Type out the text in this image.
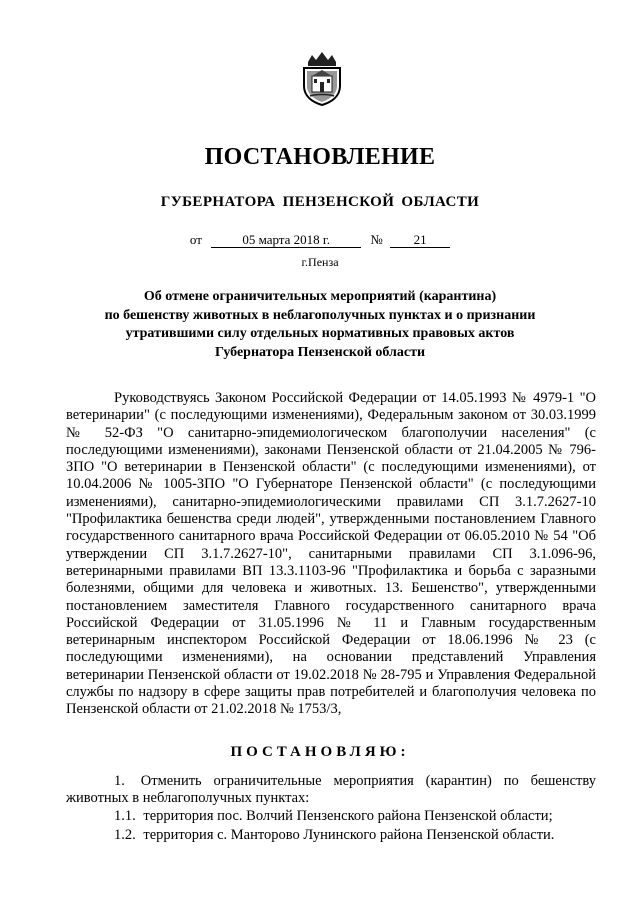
ПОСТАНОВЛЕНИЕ
ГУБЕРНАТОРА ПЕНЗЕНСКОЙ ОБЛАСТИ
от	05 марта 2018 г.	№ 21
г.Пенза
Об отмене ограничительных мероприятий (карантина)
по бешенству животных в неблагополучных пунктах и о признании
утратившими силу отдельных нормативных правовых актов
Губернатора Пензенской области
Руководствуясь Законом Российской Федерации от 14.05.1993 № 4979-1 "О ветеринарии" (с последующими изменениями), Федеральным законом от 30.03.1999 № 52-ФЗ "О санитарно-эпидемиологическом благополучии населения" (с последующими изменениями), законами Пензенской области от 21.04.2005 № 796-ЗПО "О ветеринарии в Пензенской области" (с последующими изменениями), от 10.04.2006 № 1005-ЗПО "О Губернаторе Пензенской области" (с последующими изменениями), санитарно-эпидемиологическими правилами СП 3.1.7.2627-10 "Профилактика бешенства среди людей", утвержденными постановлением Главного государственного санитарного врача Российской Федерации от 06.05.2010 № 54 "Об утверждении СП 3.1.7.2627-10", санитарными правилами СП 3.1.096-96, ветеринарными правилами ВП 13.3.1103-96 "Профилактика и борьба с заразными болезнями, общими для человека и животных. 13. Бешенство", утвержденными постановлением заместителя Главного государственного санитарного врача Российской Федерации от 31.05.1996 № 11 и Главным государственным ветеринарным инспектором Российской Федерации от 18.06.1996 № 23 (с последующими изменениями), на основании представлений Управления ветеринарии Пензенской области от 19.02.2018 № 28-795 и Управления Федеральной службы по надзору в сфере защиты прав потребителей и благополучия человека по Пензенской области от 21.02.2018 № 1753/3,
ПОСТАНОВЛЯЮ:
1. Отменить ограничительные мероприятия (карантин) по бешенству животных в неблагополучных пунктах:
1.1. территория пос. Волчий Пензенского района Пензенской области;
1.2. территория с. Манторово Лунинского района Пензенской области.
